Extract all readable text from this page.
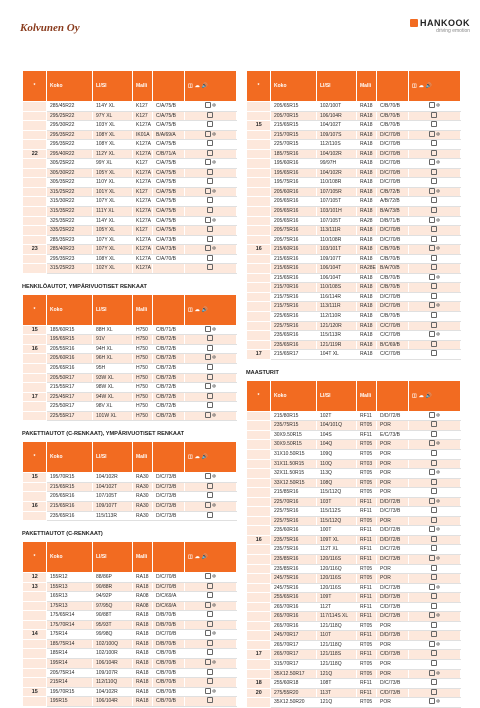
Kolvunen Oy	HANKOOK
driving emotion
*	Koko	LI/SI	Malli		◫ ☁ 🔊
	285/45R22	114Y XL	K127	C/A/75/B	❄
	295/25R22	97Y XL	K127	C/A/75/B	
	295/30R22	103Y XL	K127A	C/A/75/B	
	295/35R22	108Y XL	IK01A	B/A/69/A	❄
	295/35R22	108Y XL	K127A	C/A/75/B	
22	295/40R22	112Y XL	K127A	C/B/71/A	
	305/25R22	99Y XL	K127	C/A/75/B	❄
	305/30R22	105Y XL	K127A	C/A/75/B	
	305/35R22	110Y XL	K127A	C/A/75/B	
	315/25R22	101Y XL	K127	C/A/75/B	❄
	315/30R22	107Y XL	K127A	C/A/75/B	
	315/35R22	111Y XL	K127A	C/A/75/B	
	325/35R22	114Y XL	K127A	C/A/75/B	❄
	335/25R22	105Y XL	K127	C/A/75/B	
	285/35R23	107Y XL	K127A	C/A/73/B	
23	285/40R23	107Y XL	K127A	C/A/73/B	❄
	295/35R23	108Y XL	K127A	C/A/70/B	
	315/25R23	102Y XL	K127A		
HENKILÖAUTOT, YMPÄRIVUOTISET RENKAAT
*	Koko	LI/SI	Malli		◫ ☁ 🔊
15	185/60R15	88H XL	H750	C/B/71/B	❄
	195/65R15	91V	H750	C/B/72/B	
16	205/55R16	94H XL	H750	C/B/72/B	
	205/60R16	96H XL	H750	C/B/72/B	❄
	205/65R16	95H	H750	C/B/72/B	
	205/50R17	93W XL	H750	C/B/72/B	
	215/55R17	98W XL	H750	C/B/72/B	❄
17	225/45R17	94W XL	H750	C/B/72/B	
	225/50R17	98V XL	H750	C/B/72/B	
	225/55R17	101W XL	H750	C/B/72/B	❄
PAKETTIAUTOT (C-RENKAAT), YMPÄRIVUOTISET RENKAAT
*	Koko	LI/SI	Malli		◫ ☁ 🔊
15	195/70R15	104/102R	RA30	D/C/73/B	❄
	215/65R15	104/102T	RA30	D/C/73/B	
	205/65R16	107/105T	RA30	D/C/73/B	
16	215/65R16	109/107T	RA30	D/C/73/B	❄
	235/65R16	115/113R	RA30	D/C/73/B	
PAKETTIAUTOT (C-RENKAAT)
*	Koko	LI/SI	Malli		◫ ☁ 🔊
12	155R12	88/86P	RA18	D/C/70/B	❄
13	155R13	90/88R	RA18	D/C/70/B	
	165R13	94/92P	RA08	D/C/69/A	
	175R13	97/95Q	RA08	D/C/69/A	❄
	175/65R14	90/88T	RA18	D/B/70/B	
	175/70R14	95/93T	RA18	D/B/70/B	
14	175R14	99/98Q	RA18	D/C/70/B	❄
	185/75R14	102/100Q	RA18	D/B/70/B	
	185R14	102/100R	RA18	C/B/70/B	
	195R14	106/104R	RA18	C/B/70/B	❄
	205/75R14	109/107R	RA18	C/B/70/B	
	215R14	112/110Q	RA18	C/B/70/B	
15	195/70R15	104/102R	RA18	C/B/70/B	❄
	195R15	106/104R	RA18	C/B/70/B	
*	Koko	LI/SI	Malli		◫ ☁ 🔊
	205/65R15	102/100T	RA18	C/B/70/B	❄
	205/70R15	106/104R	RA18	C/B/70/B	
15	215/65R15	104/102T	RA18	C/B/70/B	
	215/70R15	109/107S	RA18	D/C/70/B	❄
	225/70R15	112/110S	RA18	D/C/70/B	
	185/75R16	104/102R	RA18	D/C/70/B	
	195/60R16	99/97H	RA18	D/C/70/B	❄
	195/65R16	104/102R	RA18	D/C/70/B	
	195/75R16	110/108R	RA18	D/C/70/B	
	205/60R16	107/105R	RA18	C/B/72/B	❄
	205/65R16	107/105T	RA18	A/B/72/B	
	205/65R16	103/101H	RA18	B/A/73/B	
	205/65R16	107/105T	RA28	D/B/71/B	❄
	205/75R16	113/111R	RA18	D/C/70/B	
	205/75R16	110/108R	RA18	D/C/70/B	
16	215/60R16	103/101T	RA18	C/B/70/B	❄
	215/65R16	109/107T	RA18	C/B/70/B	
	215/65R16	106/104T	RA28E	B/A/70/B	
	215/65R16	106/104T	RA18	C/B/70/B	❄
	215/70R16	110/108S	RA18	C/B/70/B	
	215/75R16	116/114R	RA18	D/C/70/B	
	215/75R16	113/111R	RA18	D/C/70/B	❄
	225/65R16	112/110R	RA18	C/B/70/B	
	225/75R16	121/120R	RA18	C/C/70/B	
	235/65R16	115/113R	RA18	C/C/70/B	❄
	235/65R16	121/119R	RA18	B/C/69/B	
17	215/65R17	104T XL	RA18	C/C/70/B	
MAASTURIT
*	Koko	LI/SI	Malli		◫ ☁ 🔊
	215/80R15	102T	RF11	D/D/72/B	❄
	235/75R15	104/101Q	RT05	POR	
	30X9.50R15	104S	RF11	E/C/73/B	
	30X9.50R15	104Q	RT05	POR	❄
	31X10.50R15	109Q	RT05	POR	
	31X11.50R15	110Q	RT03	POR	
	32X11.50R15	113Q	RT05	POR	❄
	33X12.50R15	108Q	RT05	POR	
	215/85R16	115/112Q	RT05	POR	
	225/70R16	103T	RF11	D/D/72/B	❄
	225/75R16	115/112S	RF11	D/C/73/B	
	225/75R16	115/112Q	RT05	POR	
	235/60R16	100T	RF11	D/D/72/B	❄
16	235/75R16	109T XL	RF11	D/D/72/B	
	235/75R16	112T XL	RF11	D/C/72/B	
	235/85R16	120/116S	RF11	D/C/73/B	❄
	235/85R16	120/116Q	RT05	POR	
	245/75R16	120/116S	RT05	POR	
	245/75R16	120/116S	RF11	D/C/73/B	❄
	255/65R16	109T	RF11	D/D/73/B	
	265/70R16	112T	RF11	C/D/73/B	
	265/70R16	117/114S XL	RF11	D/C/73/B	❄
	265/70R16	121/118Q	RT05	POR	
	245/70R17	110T	RF11	D/D/73/B	
	265/70R17	121/118Q	RT05	POR	❄
17	265/70R17	121/118S	RF11	C/D/73/B	
	315/70R17	121/118Q	RT05	POR	
	35X12.50R17	121Q	RT05	POR	❄
18	255/60R18	108T	RF11	D/C/73/B	
20	275/55R20	113T	RF11	C/D/73/B	
	35X12.50R20	121Q	RT05	POR	❄
